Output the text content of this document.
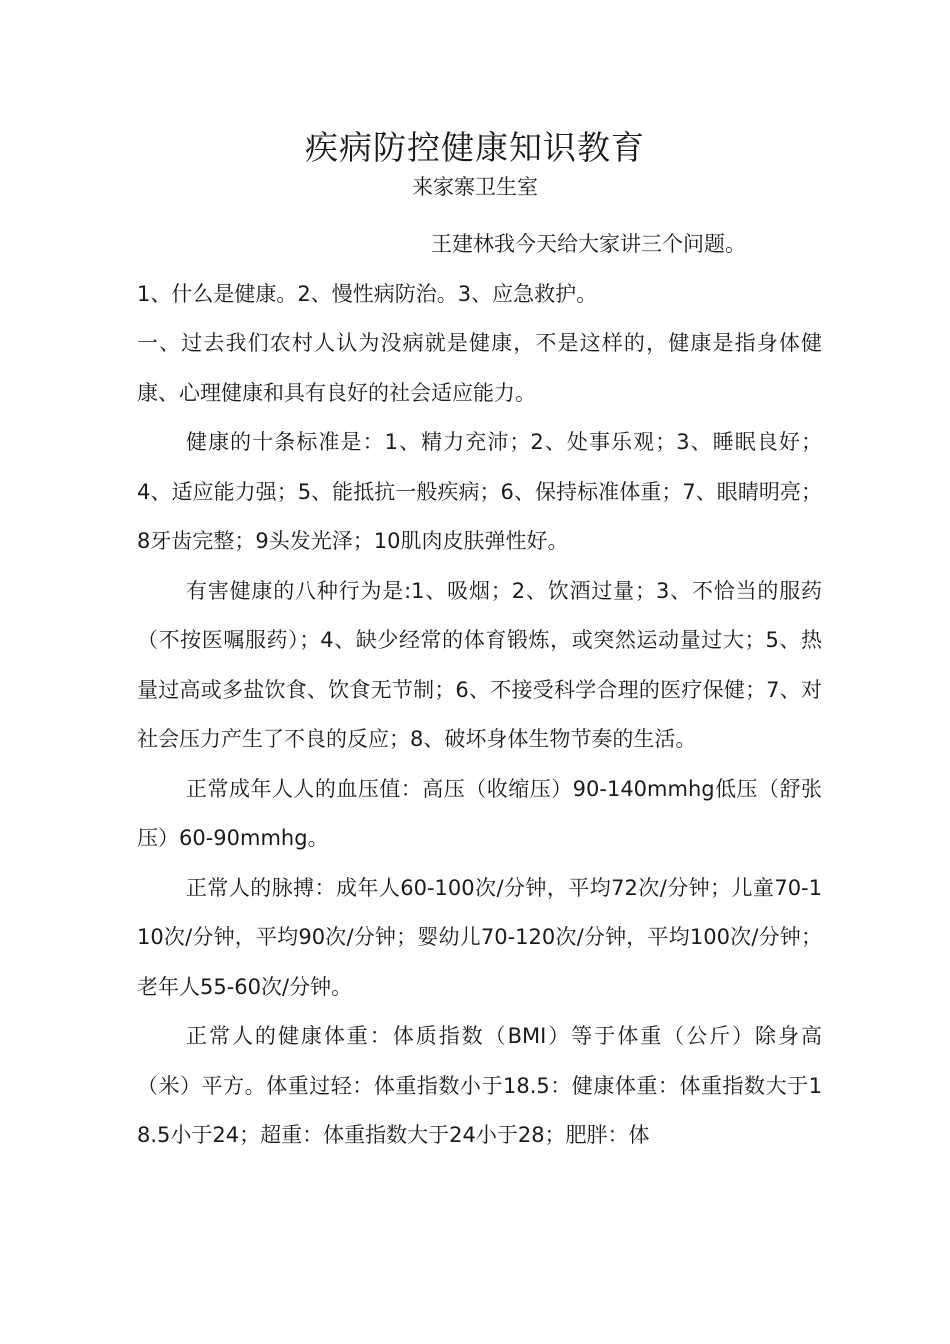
疾病防控健康知识教育
来家寨卫生室

王建林我今天给大家讲三个问题。

1、什么是健康。2、慢性病防治。3、应急救护。

一、过去我们农村人认为没病就是健康，不是这样的，健康是指身体健康、心理健康和具有良好的社会适应能力。

健康的十条标准是：1、精力充沛；2、处事乐观；3、睡眠良好；4、适应能力强；5、能抵抗一般疾病；6、保持标准体重；7、眼睛明亮；8牙齿完整；9头发光泽；10肌肉皮肤弹性好。

有害健康的八种行为是:1、吸烟；2、饮酒过量；3、不恰当的服药（不按医嘱服药）；4、缺少经常的体育锻炼，或突然运动量过大；5、热量过高或多盐饮食、饮食无节制；6、不接受科学合理的医疗保健；7、对社会压力产生了不良的反应；8、破坏身体生物节奏的生活。

正常成年人人的血压值：高压（收缩压）90-140mmhg低压（舒张压）60-90mmhg。

正常人的脉搏：成年人60-100次/分钟，平均72次/分钟；儿童70-110次/分钟，平均90次/分钟；婴幼儿70-120次/分钟，平均100次/分钟；老年人55-60次/分钟。

正常人的健康体重：体质指数（BMI）等于体重（公斤）除身高（米）平方。体重过轻：体重指数小于18.5：健康体重：体重指数大于18.5小于24；超重：体重指数大于24小于28；肥胖：体
